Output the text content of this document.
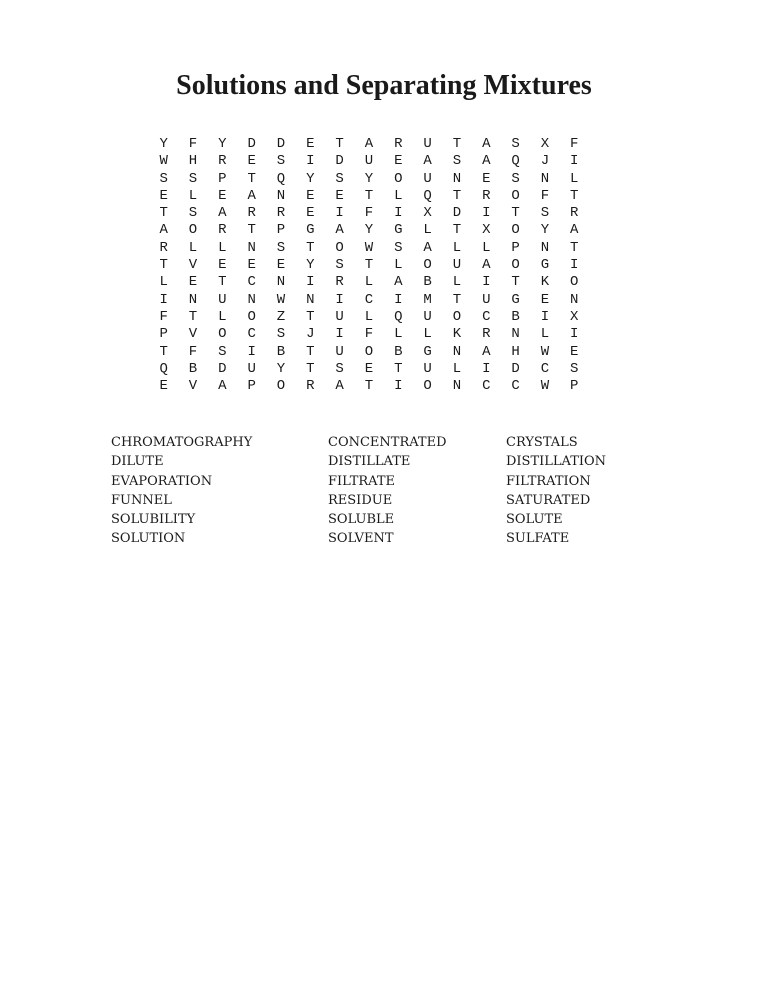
Solutions and Separating Mixtures
Y	F	Y	D	D	E	T	A	R	U	T	A	S	X	F
W	H	R	E	S	I	D	U	E	A	S	A	Q	J	I
S	S	P	T	Q	Y	S	Y	O	U	N	E	S	N	L
E	L	E	A	N	E	E	T	L	Q	T	R	O	F	T
T	S	A	R	R	E	I	F	I	X	D	I	T	S	R
A	O	R	T	P	G	A	Y	G	L	T	X	O	Y	A
R	L	L	N	S	T	O	W	S	A	L	L	P	N	T
T	V	E	E	E	Y	S	T	L	O	U	A	O	G	I
L	E	T	C	N	I	R	L	A	B	L	I	T	K	O
I	N	U	N	W	N	I	C	I	M	T	U	G	E	N
F	T	L	O	Z	T	U	L	Q	U	O	C	B	I	X
P	V	O	C	S	J	I	F	L	L	K	R	N	L	I
T	F	S	I	B	T	U	O	B	G	N	A	H	W	E
Q	B	D	U	Y	T	S	E	T	U	L	I	D	C	S
E	V	A	P	O	R	A	T	I	O	N	C	C	W	P
CHROMATOGRAPHY	CONCENTRATED	CRYSTALS
DILUTE	DISTILLATE	DISTILLATION
EVAPORATION	FILTRATE	FILTRATION
FUNNEL	RESIDUE	SATURATED
SOLUBILITY	SOLUBLE	SOLUTE
SOLUTION	SOLVENT	SULFATE
